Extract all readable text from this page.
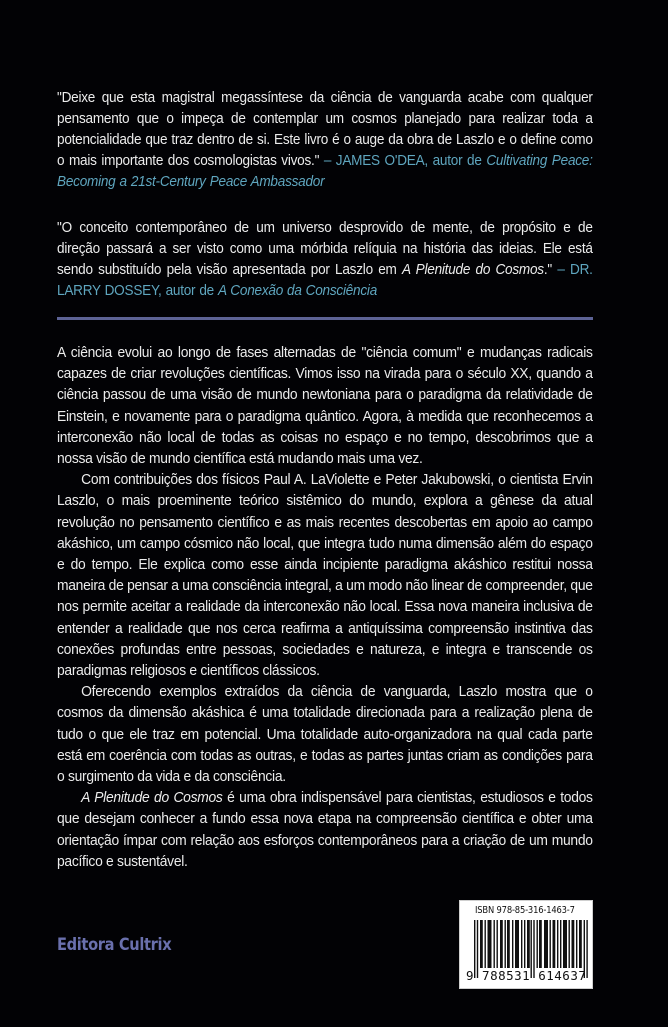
"Deixe que esta magistral megassíntese da ciência de vanguarda acabe com qualquer pensamento que o impeça de contemplar um cosmos planejado para realizar toda a potencialidade que traz dentro de si. Este livro é o auge da obra de Laszlo e o define como o mais importante dos cosmologistas vivos." – JAMES O'DEA, autor de Cultivating Peace: Becoming a 21st-Century Peace Ambassador

"O conceito contemporâneo de um universo desprovido de mente, de propósito e de direção passará a ser visto como uma mórbida relíquia na história das ideias. Ele está sendo substituído pela visão apresentada por Laszlo em A Plenitude do Cosmos." – DR. LARRY DOSSEY, autor de A Conexão da Consciência

A ciência evolui ao longo de fases alternadas de "ciência comum" e mudanças radicais capazes de criar revoluções científicas. Vimos isso na virada para o século XX, quando a ciência passou de uma visão de mundo newtoniana para o paradigma da relatividade de Einstein, e novamente para o paradigma quântico. Agora, à medida que reconhecemos a interconexão não local de todas as coisas no espaço e no tempo, descobrimos que a nossa visão de mundo científica está mudando mais uma vez.

Com contribuições dos físicos Paul A. LaViolette e Peter Jakubowski, o cientista Ervin Laszlo, o mais proeminente teórico sistêmico do mundo, explora a gênese da atual revolução no pensamento científico e as mais recentes descobertas em apoio ao campo akáshico, um campo cósmico não local, que integra tudo numa dimensão além do espaço e do tempo. Ele explica como esse ainda incipiente paradigma akáshico restitui nossa maneira de pensar a uma consciência integral, a um modo não linear de compreender, que nos permite aceitar a realidade da interconexão não local. Essa nova maneira inclusiva de entender a realidade que nos cerca reafirma a antiquíssima compreensão instintiva das conexões profundas entre pessoas, sociedades e natureza, e integra e transcende os paradigmas religiosos e científicos clássicos.

Oferecendo exemplos extraídos da ciência de vanguarda, Laszlo mostra que o cosmos da dimensão akáshica é uma totalidade direcionada para a realização plena de tudo o que ele traz em potencial. Uma totalidade auto-organizadora na qual cada parte está em coerência com todas as outras, e todas as partes juntas criam as condições para o surgimento da vida e da consciência.

A Plenitude do Cosmos é uma obra indispensável para cientistas, estudiosos e todos que desejam conhecer a fundo essa nova etapa na compreensão científica e obter uma orientação ímpar com relação aos esforços contemporâneos para a criação de um mundo pacífico e sustentável.

Editora Cultrix
ISBN 978-85-316-1463-7
9 788531 614637
